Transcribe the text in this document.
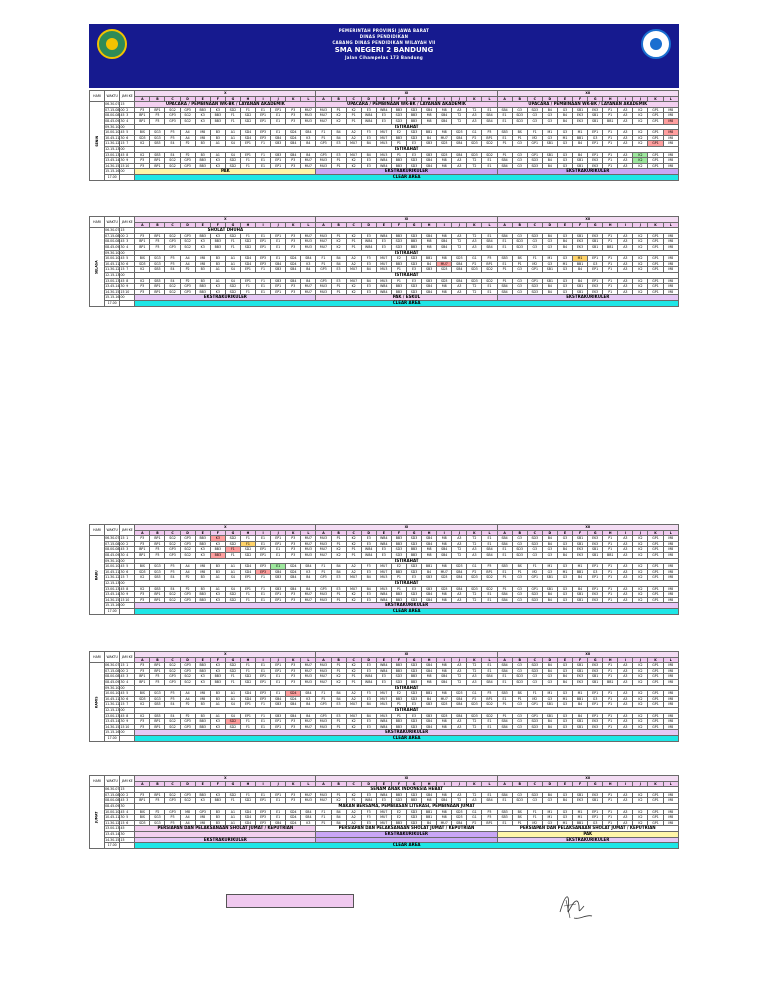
PEMERINTAH PROVINSI JAWA BARAT
DINAS PENDIDIKAN
CABANG DINAS PENDIDIKAN WILAYAH VII
SMA NEGERI 2 BANDUNG
Jalan Cihampelas 173 Bandung
HARI	WAKTU	JAM KE	X												XI												XII											
			A	B	C	D	E	F	G	H	I	J	K	L	A	B	C	D	E	F	G	H	I	J	K	L	A	B	C	D	E	F	G	H	I	J	K	L
SENIN	06.30-07.15		UPACARA / PEMBINAAN WK-BK / LAYANAN AKADEMIK												UPACARA / PEMBINAAN WK-BK / LAYANAN AKADEMIK												UPACARA / PEMBINAAN WK-BK / LAYANAN AKADEMIK											
	07.15-08.00	2	P3	BP1	SG2	GP3	BB3	K3	SD2	F1	E1	EP1	P3	MU7	MU3	P1	K2	E3	WB4	BB3	SD3	SB4	M8	A3	T2	E1	SB4	G3	SD3	B4	G3	SB1	EK3	P1	A3	K2	GP1	M8
	08.00-08.45	3	BP1	P3	GP3	SG2	K3	BB3	F1	SD2	EP1	E1	P3	MU3	MU7	K2	P1	WB4	E3	SD3	BB3	M8	SB4	T2	A3	SB4	E1	SD3	G3	G3	B4	EK3	SB1	P1	A3	K2	GP1	M8
	08.45-09.30	4	BP1	P3	GP3	SG2	K3	BB3	F1	SD2	EP1	E1	P3	MU3	MU7	K2	P1	WB4	E3	SD3	BB3	M8	SB4	T2	A3	SB4	E1	SD3	G3	G3	B4	EK3	SB1	BB1	A3	K2	GP1	M8
	09.30-10.00		ISTIRAHAT																																			
	10.00-10.45	5	BIS	SG3	P3	A4	M8	B3	A1	SD4	EP3	E1	SD4	SB4	F1	B4	A2	F3	MU7	E2	SD3	BB1	M8	SD3	G1	P3	SB3	BS	F1	M1	G3	M1	EP1	P1	A3	K2	GP1	M8
	10.45-11.30	6	SD3	SG3	P3	A4	M8	B3	A1	SD4	EP3	SB4	SD4	K3	P1	B4	A2	E3	MU7	BB3	SD3	B4	MU7	SB4	P2	BP1	E1	P1	M2	G3	M1	BB1	G3	P1	A3	K2	GP1	M8
	11.30-12.15	7	K2	SB3	E4	P2	B3	A1	S4	EP1	F1	SB3	SB4	B4	GP3	E3	MU7	B4	MU3	P1	E3	SB3	SD3	SB4	SD3	SD2	P1	G3	GP1	SB1	G3	B4	EP1	P1	A3	K2	GP1	M8
	12.15-13.00		ISTIRAHAT																																			
	13.00-13.45	8	K2	SB3	E4	P2	B3	A1	S4	EP1	F1	SB3	SB4	B4	GP3	E3	MU7	B4	MU3	P1	E3	SB3	SD3	SB4	SD3	SD2	P1	G3	GP1	SB1	G3	B4	EP1	P1	A3	K2	GP1	M8
	13.45-14.30	9	P3	BP1	SG2	GP3	BB3	K3	SD2	F1	E1	EP1	P3	MU7	MU3	P1	K2	E3	WB4	BB3	SD3	SB4	M8	A3	T2	E1	SB4	G3	SD3	B4	G3	SB1	EK3	P1	A3	K2	GP1	M8
	14.30-15.15	10	P3	BP1	SG2	GP3	BB3	K3	SD2	F1	E1	EP1	P3	MU7	MU3	P1	K2	E3	WB4	BB3	SD3	SB4	M8	A3	T2	E1	SB4	G3	SD3	B4	G3	SB1	EK3	P1	A3	K2	GP1	M8
	15.15-16.00		PAK												EKSTRAKURIKULER												EKSTRAKURIKULER											
	17.00		CLEAR AREA																																			
HARI	WAKTU	JAM KE	X												XI												XII											
			A	B	C	D	E	F	G	H	I	J	K	L	A	B	C	D	E	F	G	H	I	J	K	L	A	B	C	D	E	F	G	H	I	J	K	L
SELASA	06.30-07.15		SHOLAT DHUHA																																			
	07.15-08.00	2	P3	BP1	SG2	GP3	BB3	K3	SD2	F1	E1	EP1	P3	MU7	MU3	P1	K2	E3	WB4	BB3	SD3	SB4	M8	A3	T2	E1	SB4	G3	SD3	B4	G3	SB1	EK3	P1	A3	K2	GP1	M8
	08.00-08.45	3	BP1	P3	GP3	SG2	K3	BB3	F1	SD2	EP1	E1	P3	MU3	MU7	K2	P1	WB4	E3	SD3	BB3	M8	SB4	T2	A3	SB4	E1	SD3	G3	G3	B4	EK3	SB1	P1	A3	K2	GP1	M8
	08.45-09.30	4	BP1	P3	GP3	SG2	K3	BB3	F1	SD2	EP1	E1	P3	MU3	MU7	K2	P1	WB4	E3	SD3	BB3	M8	SB4	T2	A3	SB4	E1	SD3	G3	G3	B4	EK3	SB1	BB1	A3	K2	GP1	M8
	09.30-10.00		ISTIRAHAT																																			
	10.00-10.45	5	BIS	SG3	P3	A4	M8	B3	A1	SD4	EP3	E1	SD4	SB4	F1	B4	A2	F3	MU7	E2	SD3	BB1	M8	SD3	G1	P3	SB3	BS	F1	M1	G3	M1	EP1	P1	A3	K2	GP1	M8
	10.45-11.30	6	SD3	SG3	P3	A4	M8	B3	A1	SD4	EP3	SB4	SD4	K3	P1	B4	A2	E3	MU7	BB3	SD3	B4	MU7	SB4	P2	BP1	E1	P1	M2	G3	M1	BB1	G3	P1	A3	K2	GP1	M8
	11.30-12.15	7	K2	SB3	E4	P2	B3	A1	S4	EP1	F1	SB3	SB4	B4	GP3	E3	MU7	B4	MU3	P1	E3	SB3	SD3	SB4	SD3	SD2	P1	G3	GP1	SB1	G3	B4	EP1	P1	A3	K2	GP1	M8
	12.15-13.00		ISTIRAHAT																																			
	13.00-13.45	8	K2	SB3	E4	P2	B3	A1	S4	EP1	F1	SB3	SB4	B4	GP3	E3	MU7	B4	MU3	P1	E3	SB3	SD3	SB4	SD3	SD2	P1	G3	GP1	SB1	G3	B4	EP1	P1	A3	K2	GP1	M8
	13.45-14.30	9	P3	BP1	SG2	GP3	BB3	K3	SD2	F1	E1	EP1	P3	MU7	MU3	P1	K2	E3	WB4	BB3	SD3	SB4	M8	A3	T2	E1	SB4	G3	SD3	B4	G3	SB1	EK3	P1	A3	K2	GP1	M8
	14.30-15.15	10	P3	BP1	SG2	GP3	BB3	K3	SD2	F1	E1	EP1	P3	MU7	MU3	P1	K2	E3	WB4	BB3	SD3	SB4	M8	A3	T2	E1	SB4	G3	SD3	B4	G3	SB1	EK3	P1	A3	K2	GP1	M8
	15.15-16.00		EKSTRAKURIKULER												PAK / ESKUL												EKSTRAKURIKULER											
	17.00		CLEAR AREA																																			
HARI	WAKTU	JAM KE	X												XI												XII											
			A	B	C	D	E	F	G	H	I	J	K	L	A	B	C	D	E	F	G	H	I	J	K	L	A	B	C	D	E	F	G	H	I	J	K	L
RABU	06.30-07.15	1	P3	BP1	SG2	GP3	BB3	K3	SD2	F1	E1	EP1	P3	MU7	MU3	P1	K2	E3	WB4	BB3	SD3	SB4	M8	A3	T2	E1	SB4	G3	SD3	B4	G3	SB1	EK3	P1	A3	K2	GP1	M8
	07.15-08.00	2	P3	BP1	SG2	GP3	BB3	K3	SD2	F1	E1	EP1	P3	MU7	MU3	P1	K2	E3	WB4	BB3	SD3	SB4	M8	A3	T2	E1	SB4	G3	SD3	B4	G3	SB1	EK3	P1	A3	K2	GP1	M8
	08.00-08.45	3	BP1	P3	GP3	SG2	K3	BB3	F1	SD2	EP1	E1	P3	MU3	MU7	K2	P1	WB4	E3	SD3	BB3	M8	SB4	T2	A3	SB4	E1	SD3	G3	G3	B4	EK3	SB1	P1	A3	K2	GP1	M8
	08.45-09.30	4	BP1	P3	GP3	SG2	K3	BB3	F1	SD2	EP1	E1	P3	MU3	MU7	K2	P1	WB4	E3	SD3	BB3	M8	SB4	T2	A3	SB4	E1	SD3	G3	G3	B4	EK3	SB1	BB1	A3	K2	GP1	M8
	09.30-10.00		ISTIRAHAT																																			
	10.00-10.45	5	BIS	SG3	P3	A4	M8	B3	A1	SD4	EP3	E1	SD4	SB4	F1	B4	A2	F3	MU7	E2	SD3	BB1	M8	SD3	G1	P3	SB3	BS	F1	M1	G3	M1	EP1	P1	A3	K2	GP1	M8
	10.45-11.30	6	SD3	SG3	P3	A4	M8	B3	A1	SD4	EP3	SB4	SD4	K3	P1	B4	A2	E3	MU7	BB3	SD3	B4	MU7	SB4	P2	BP1	E1	P1	M2	G3	M1	BB1	G3	P1	A3	K2	GP1	M8
	11.30-12.15	7	K2	SB3	E4	P2	B3	A1	S4	EP1	F1	SB3	SB4	B4	GP3	E3	MU7	B4	MU3	P1	E3	SB3	SD3	SB4	SD3	SD2	P1	G3	GP1	SB1	G3	B4	EP1	P1	A3	K2	GP1	M8
	12.15-13.00		ISTIRAHAT																																			
	13.00-13.45	8	K2	SB3	E4	P2	B3	A1	S4	EP1	F1	SB3	SB4	B4	GP3	E3	MU7	B4	MU3	P1	E3	SB3	SD3	SB4	SD3	SD2	P1	G3	GP1	SB1	G3	B4	EP1	P1	A3	K2	GP1	M8
	13.45-14.30	9	P3	BP1	SG2	GP3	BB3	K3	SD2	F1	E1	EP1	P3	MU7	MU3	P1	K2	E3	WB4	BB3	SD3	SB4	M8	A3	T2	E1	SB4	G3	SD3	B4	G3	SB1	EK3	P1	A3	K2	GP1	M8
	14.30-15.15	10	P3	BP1	SG2	GP3	BB3	K3	SD2	F1	E1	EP1	P3	MU7	MU3	P1	K2	E3	WB4	BB3	SD3	SB4	M8	A3	T2	E1	SB4	G3	SD3	B4	G3	SB1	EK3	P1	A3	K2	GP1	M8
	15.15-16.00		EKSTRAKURIKULER																																			
	17.00		CLEAR AREA																																			
HARI	WAKTU	JAM KE	X												XI												XII											
			A	B	C	D	E	F	G	H	I	J	K	L	A	B	C	D	E	F	G	H	I	J	K	L	A	B	C	D	E	F	G	H	I	J	K	L
KAMIS	06.30-07.15	1	P3	BP1	SG2	GP3	BB3	K3	SD2	F1	E1	EP1	P3	MU7	MU3	P1	K2	E3	WB4	BB3	SD3	SB4	M8	A3	T2	E1	SB4	G3	SD3	B4	G3	SB1	EK3	P1	A3	K2	GP1	M8
	07.15-08.00	2	P3	BP1	SG2	GP3	BB3	K3	SD2	F1	E1	EP1	P3	MU7	MU3	P1	K2	E3	WB4	BB3	SD3	SB4	M8	A3	T2	E1	SB4	G3	SD3	B4	G3	SB1	EK3	P1	A3	K2	GP1	M8
	08.00-08.45	3	BP1	P3	GP3	SG2	K3	BB3	F1	SD2	EP1	E1	P3	MU3	MU7	K2	P1	WB4	E3	SD3	BB3	M8	SB4	T2	A3	SB4	E1	SD3	G3	G3	B4	EK3	SB1	P1	A3	K2	GP1	M8
	08.45-09.30	4	BP1	P3	GP3	SG2	K3	BB3	F1	SD2	EP1	E1	P3	MU3	MU7	K2	P1	WB4	E3	SD3	BB3	M8	SB4	T2	A3	SB4	E1	SD3	G3	G3	B4	EK3	SB1	BB1	A3	K2	GP1	M8
	09.30-10.00		ISTIRAHAT																																			
	10.00-10.45	5	BIS	SG3	P3	A4	M8	B3	A1	SD4	EP3	E1	SD4	SB4	F1	B4	A2	F3	MU7	E2	SD3	BB1	M8	SD3	G1	P3	SB3	BS	F1	M1	G3	M1	EP1	P1	A3	K2	GP1	M8
	10.45-11.30	6	SD3	SG3	P3	A4	M8	B3	A1	SD4	EP3	SB4	SD4	K3	P1	B4	A2	E3	MU7	BB3	SD3	B4	MU7	SB4	P2	BP1	E1	P1	M2	G3	M1	BB1	G3	P1	A3	K2	GP1	M8
	11.30-12.15	7	K2	SB3	E4	P2	B3	A1	S4	EP1	F1	SB3	SB4	B4	GP3	E3	MU7	B4	MU3	P1	E3	SB3	SD3	SB4	SD3	SD2	P1	G3	GP1	SB1	G3	B4	EP1	P1	A3	K2	GP1	M8
	12.15-13.00		ISTIRAHAT																																			
	13.00-13.45	8	K2	SB3	E4	P2	B3	A1	S4	EP1	F1	SB3	SB4	B4	GP3	E3	MU7	B4	MU3	P1	E3	SB3	SD3	SB4	SD3	SD2	P1	G3	GP1	SB1	G3	B4	EP1	P1	A3	K2	GP1	M8
	13.45-14.30	9	P3	BP1	SG2	GP3	BB3	K3	SD2	F1	E1	EP1	P3	MU7	MU3	P1	K2	E3	WB4	BB3	SD3	SB4	M8	A3	T2	E1	SB4	G3	SD3	B4	G3	SB1	EK3	P1	A3	K2	GP1	M8
	14.30-15.15	10	P3	BP1	SG2	GP3	BB3	K3	SD2	F1	E1	EP1	P3	MU7	MU3	P1	K2	E3	WB4	BB3	SD3	SB4	M8	A3	T2	E1	SB4	G3	SD3	B4	G3	SB1	EK3	P1	A3	K2	GP1	M8
	15.15-16.00		EKSTRAKURIKULER																																			
	17.00		CLEAR AREA																																			
HARI	WAKTU	JAM KE	X												XI												XII											
			A	B	C	D	E	F	G	H	I	J	K	L	A	B	C	D	E	F	G	H	I	J	K	L	A	B	C	D	E	F	G	H	I	J	K	L
JUMAT	06.30-07.15		SENAM ANAK INDONESIA HEBAT																																			
	07.15-08.00	2	P3	BP1	SG2	GP3	BB3	K3	SD2	F1	E1	EP1	P3	MU7	MU3	P1	K2	E3	WB4	BB3	SD3	SB4	M8	A3	T2	E1	SB4	G3	SD3	B4	G3	SB1	EK3	P1	A3	K2	GP1	M8
	08.00-08.45	3	BP1	P3	GP3	SG2	K3	BB3	F1	SD2	EP1	E1	P3	MU3	MU7	K2	P1	WB4	E3	SD3	BB3	M8	SB4	T2	A3	SB4	E1	SD3	G3	G3	B4	EK3	SB1	P1	A3	K2	GP1	M8
	08.45-09.30		MAKAN BERSAMA, PEMBIASAN LITERASI, PEMBINAAN JUMAT																																			
	10.00-10.45	4	BIS	P2	GP3	M8	GP3	B3	A1	SD4	EP3	E1	SD4	SB4	F1	B4	A2	F3	MU7	E2	SD3	BB1	M8	SD3	G1	P3	SB3	BS	F1	M1	G3	M1	EP1	P1	A3	K2	GP1	M8
	10.45-11.30	5	BIS	SG3	P3	A4	M8	B3	A1	SD4	EP3	E1	SD4	SB4	F1	B4	A2	F3	MU7	E2	SD3	BB1	M8	SD3	G1	P3	SB3	BS	F1	M1	G3	M1	EP1	P1	A3	K2	GP1	M8
	11.30-12.15	6	SD3	SG3	P3	A4	M8	B3	A1	SD4	EP3	SB4	SD4	K3	P1	B4	A2	E3	MU7	BB3	SD3	B4	MU7	SB4	P2	BP1	E1	P1	M2	G3	M1	BB1	G3	P1	A3	K2	GP1	M8
	13.00-13.45		PERSIAPAN DAN PELAKSANAAN SHOLAT JUMAT / KEPUTRIAN												PERSIAPAN DAN PELAKSANAAN SHOLAT JUMAT / KEPUTRIAN												PERSIAPAN DAN PELAKSANAAN SHOLAT JUMAT / KEPUTRIAN											
	13.45-14.30														EKSTRAKURIKULER												PAK											
	14.30-15.15		EKSTRAKURIKULER																								EKSTRAKURIKULER											
	17.00		CLEAR AREA																																			
